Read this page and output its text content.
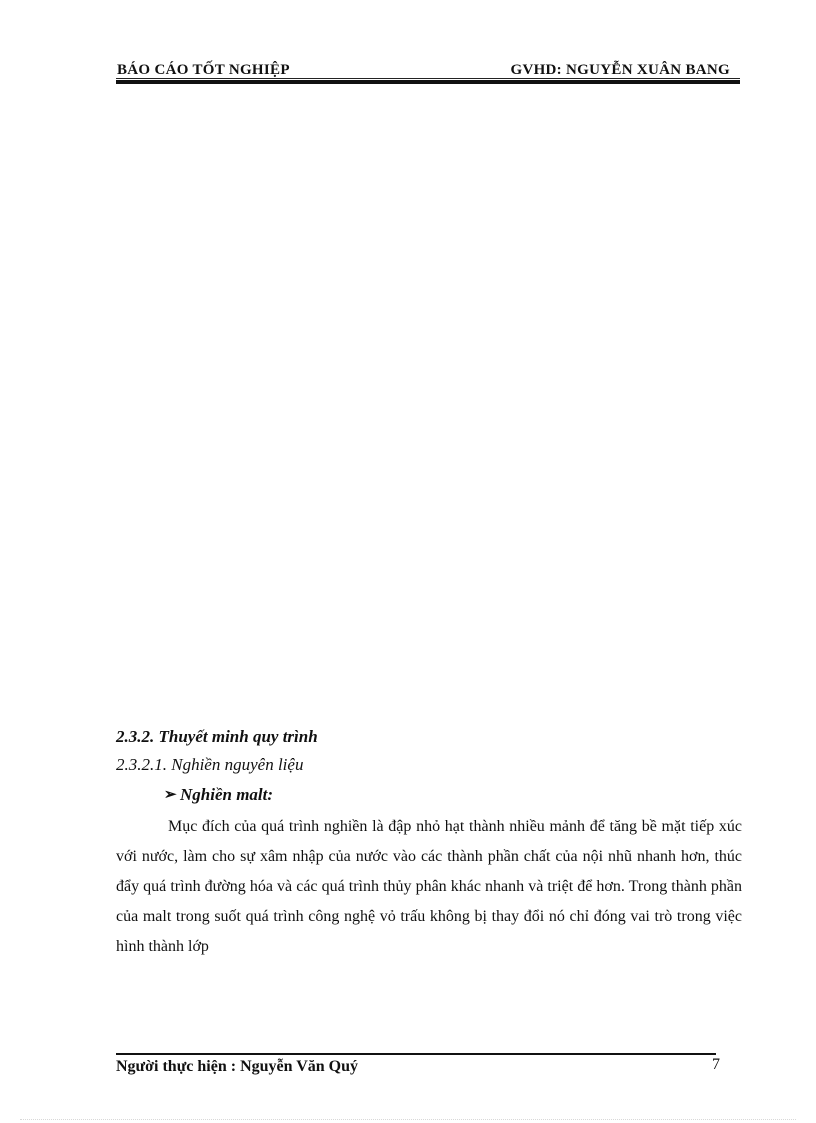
BÁO CÁO TỐT NGHIỆP	GVHD: NGUYỄN XUÂN BANG

2.3.2. Thuyết minh quy trình

2.3.2.1. Nghiền nguyên liệu

➢ Nghiền malt:

Mục đích của quá trình nghiền là đập nhỏ hạt thành nhiều mảnh để tăng bề mặt tiếp xúc với nước, làm cho sự xâm nhập của nước vào các thành phần chất của nội nhũ nhanh hơn, thúc đẩy quá trình đường hóa và các quá trình thủy phân khác nhanh và triệt để hơn. Trong thành phần của malt trong suốt quá trình công nghệ vỏ trấu không bị thay đổi nó chỉ đóng vai trò trong việc hình thành lớp

Người thực hiện : Nguyễn Văn Quý	7
